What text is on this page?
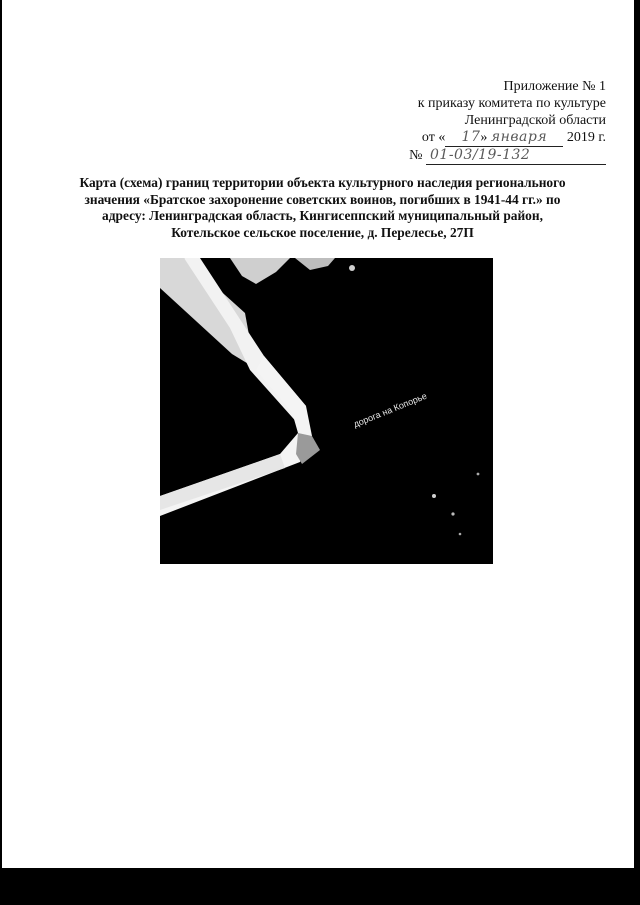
Приложение № 1
к приказу комитета по культуре
Ленинградской области
от « 17» января 2019 г.
№ 01-03/19-132
Карта (схема) границ территории объекта культурного наследия регионального значения «Братское захоронение советских воинов, погибших в 1941-44 гг.» по адресу: Ленинградская область, Кингисеппский муниципальный район, Котельское сельское поселение, д. Перелесье, 27П
дорога на Копорье
